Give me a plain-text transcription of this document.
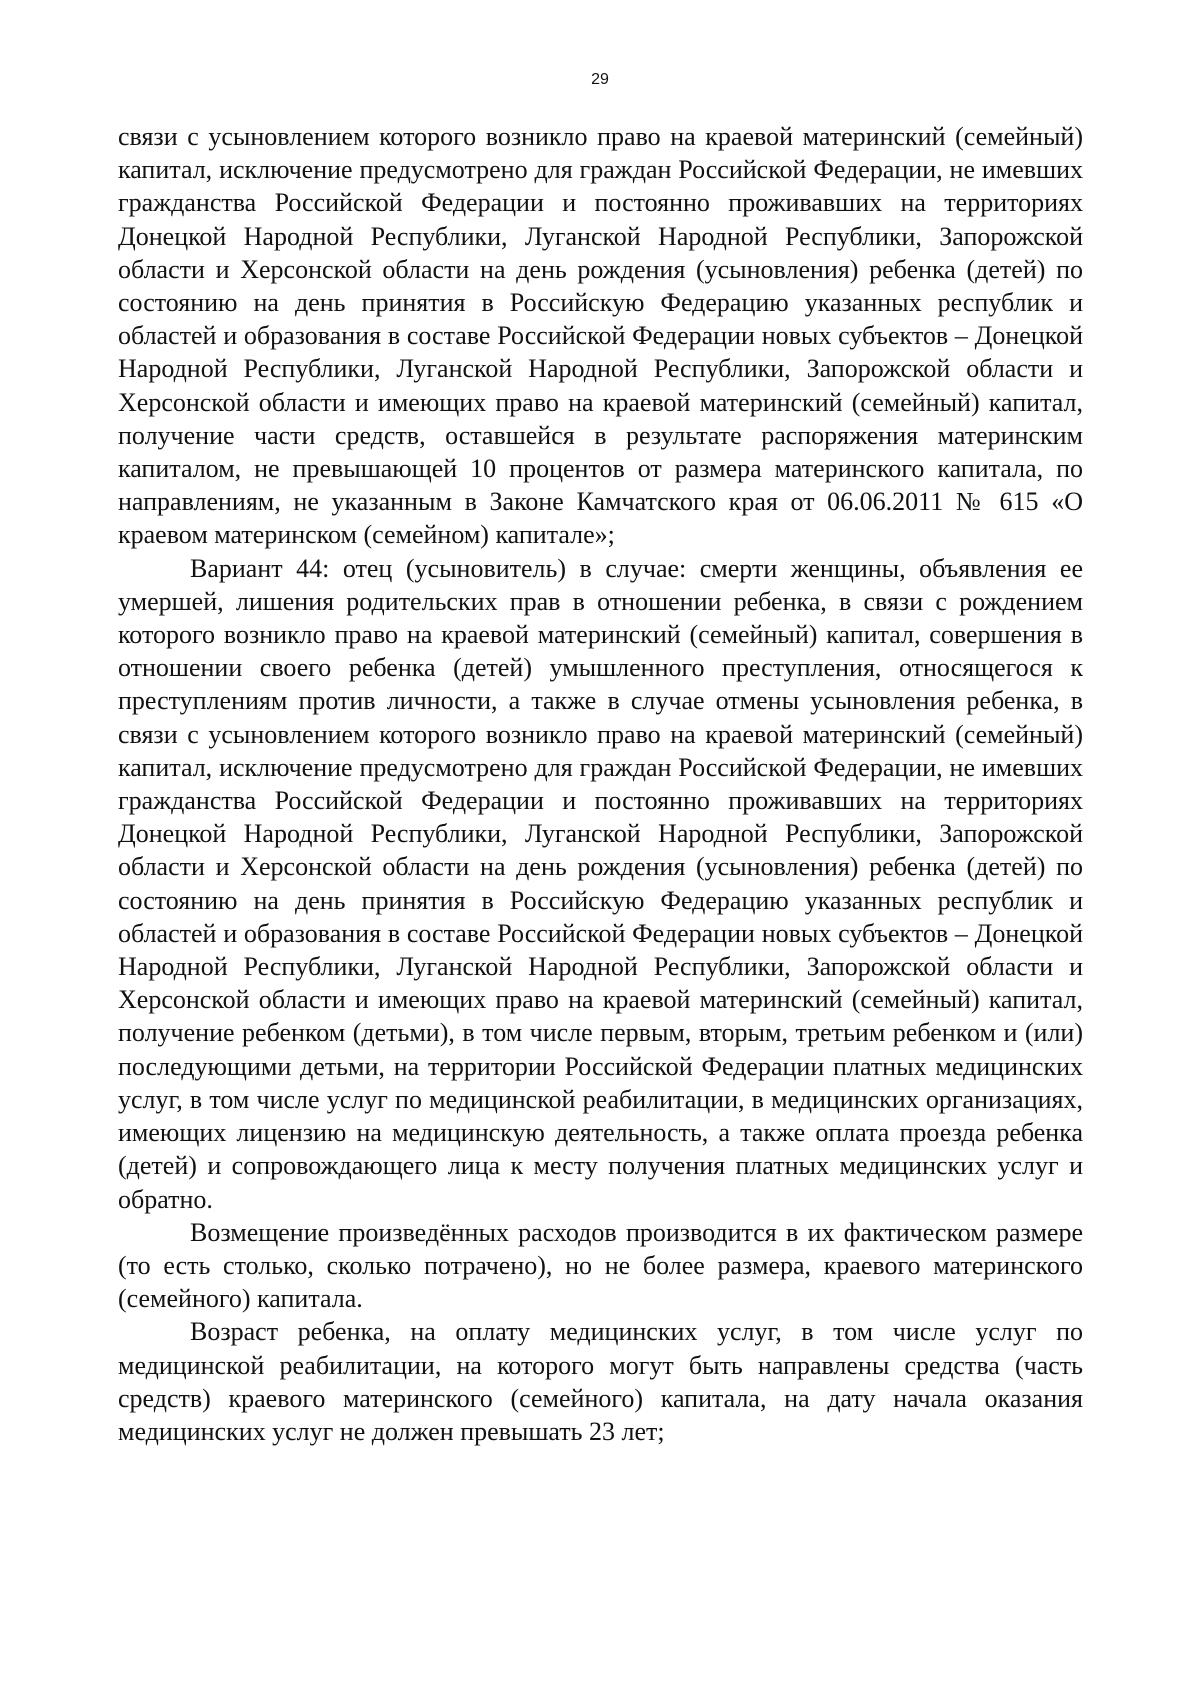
29

связи с усыновлением которого возникло право на краевой материнский (семейный) капитал, исключение предусмотрено для граждан Российской Федерации, не имевших гражданства Российской Федерации и постоянно проживавших на территориях Донецкой Народной Республики, Луганской Народной Республики, Запорожской области и Херсонской области на день рождения (усыновления) ребенка (детей) по состоянию на день принятия в Российскую Федерацию указанных республик и областей и образования в составе Российской Федерации новых субъектов – Донецкой Народной Республики, Луганской Народной Республики, Запорожской области и Херсонской области и имеющих право на краевой материнский (семейный) капитал, получение части средств, оставшейся в результате распоряжения материнским капиталом, не превышающей 10 процентов от размера материнского капитала, по направлениям, не указанным в Законе Камчатского края от 06.06.2011 № 615 «О краевом материнском (семейном) капитале»;

Вариант 44: отец (усыновитель) в случае: смерти женщины, объявления ее умершей, лишения родительских прав в отношении ребенка, в связи с рождением которого возникло право на краевой материнский (семейный) капитал, совершения в отношении своего ребенка (детей) умышленного преступления, относящегося к преступлениям против личности, а также в случае отмены усыновления ребенка, в связи с усыновлением которого возникло право на краевой материнский (семейный) капитал, исключение предусмотрено для граждан Российской Федерации, не имевших гражданства Российской Федерации и постоянно проживавших на территориях Донецкой Народной Республики, Луганской Народной Республики, Запорожской области и Херсонской области на день рождения (усыновления) ребенка (детей) по состоянию на день принятия в Российскую Федерацию указанных республик и областей и образования в составе Российской Федерации новых субъектов – Донецкой Народной Республики, Луганской Народной Республики, Запорожской области и Херсонской области и имеющих право на краевой материнский (семейный) капитал, получение ребенком (детьми), в том числе первым, вторым, третьим ребенком и (или) последующими детьми, на территории Российской Федерации платных медицинских услуг, в том числе услуг по медицинской реабилитации, в медицинских организациях, имеющих лицензию на медицинскую деятельность, а также оплата проезда ребенка (детей) и сопровождающего лица к месту получения платных медицинских услуг и обратно.

Возмещение произведённых расходов производится в их фактическом размере (то есть столько, сколько потрачено), но не более размера, краевого материнского (семейного) капитала.

Возраст ребенка, на оплату медицинских услуг, в том числе услуг по медицинской реабилитации, на которого могут быть направлены средства (часть средств) краевого материнского (семейного) капитала, на дату начала оказания медицинских услуг не должен превышать 23 лет;
